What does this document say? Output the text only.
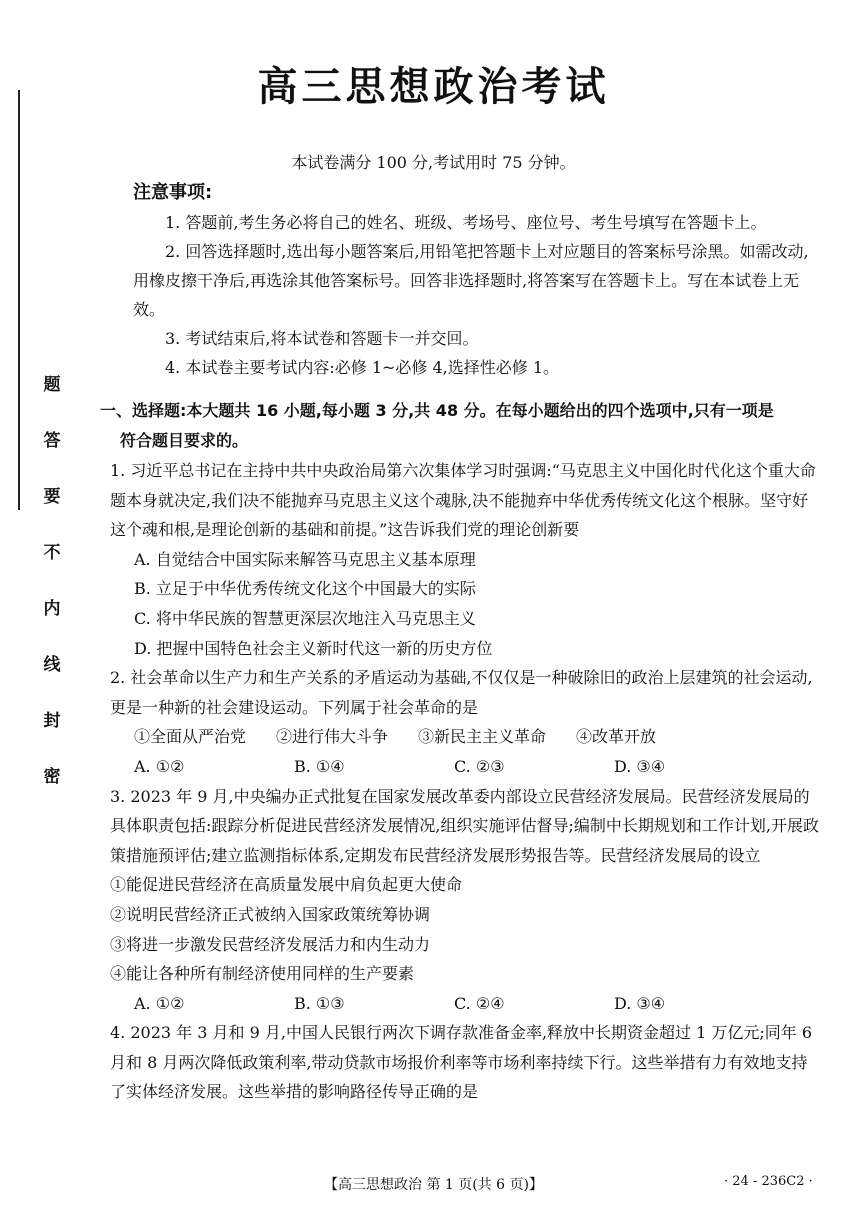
题
答
要
不
内
线
封
密
高三思想政治考试
本试卷满分 100 分,考试用时 75 分钟。
注意事项:

1. 答题前,考生务必将自己的姓名、班级、考场号、座位号、考生号填写在答题卡上。

2. 回答选择题时,选出每小题答案后,用铅笔把答题卡上对应题目的答案标号涂黑。如需改动,用橡皮擦干净后,再选涂其他答案标号。回答非选择题时,将答案写在答题卡上。写在本试卷上无效。

3. 考试结束后,将本试卷和答题卡一并交回。

4. 本试卷主要考试内容:必修 1~必修 4,选择性必修 1。

一、选择题:本大题共 16 小题,每小题 3 分,共 48 分。在每小题给出的四个选项中,只有一项是
符合题目要求的。

1. 习近平总书记在主持中共中央政治局第六次集体学习时强调:“马克思主义中国化时代化这个重大命题本身就决定,我们决不能抛弃马克思主义这个魂脉,决不能抛弃中华优秀传统文化这个根脉。坚守好这个魂和根,是理论创新的基础和前提。”这告诉我们党的理论创新要

A. 自觉结合中国实际来解答马克思主义基本原理

B. 立足于中华优秀传统文化这个中国最大的实际

C. 将中华民族的智慧更深层次地注入马克思主义

D. 把握中国特色社会主义新时代这一新的历史方位

2. 社会革命以生产力和生产关系的矛盾运动为基础,不仅仅是一种破除旧的政治上层建筑的社会运动,更是一种新的社会建设运动。下列属于社会革命的是

①全面从严治党 ②进行伟大斗争 ③新民主主义革命 ④改革开放
A. ①②	B. ①④	C. ②③	D. ③④

3. 2023 年 9 月,中央编办正式批复在国家发展改革委内部设立民营经济发展局。民营经济发展局的具体职责包括:跟踪分析促进民营经济发展情况,组织实施评估督导;编制中长期规划和工作计划,开展政策措施预评估;建立监测指标体系,定期发布民营经济发展形势报告等。民营经济发展局的设立

①能促进民营经济在高质量发展中肩负起更大使命

②说明民营经济正式被纳入国家政策统筹协调

③将进一步激发民营经济发展活力和内生动力

④能让各种所有制经济使用同样的生产要素

A. ①②	B. ①③	C. ②④	D. ③④

4. 2023 年 3 月和 9 月,中国人民银行两次下调存款准备金率,释放中长期资金超过 1 万亿元;同年 6 月和 8 月两次降低政策利率,带动贷款市场报价利率等市场利率持续下行。这些举措有力有效地支持了实体经济发展。这些举措的影响路径传导正确的是

【高三思想政治 第 1 页(共 6 页)】	· 24 - 236C2 ·
